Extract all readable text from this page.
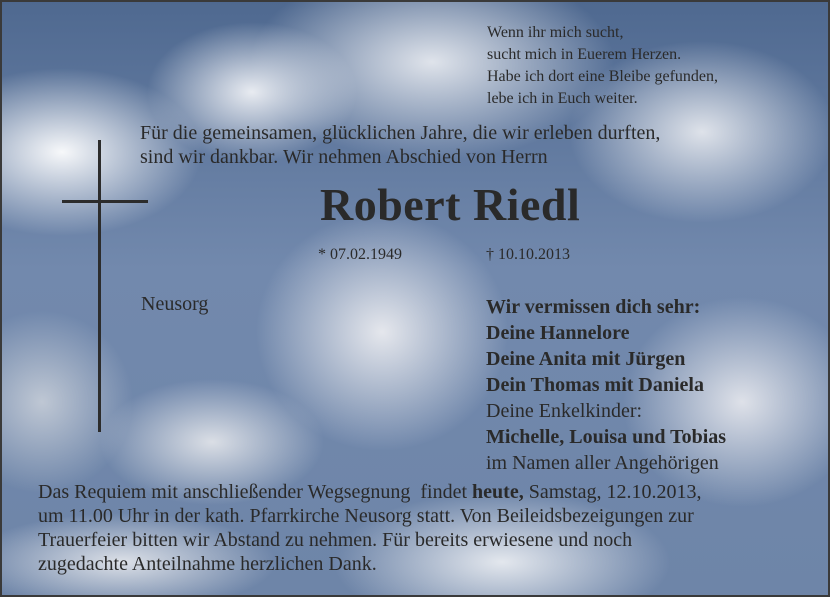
Wenn ihr mich sucht,
sucht mich in Euerem Herzen.
Habe ich dort eine Bleibe gefunden,
lebe ich in Euch weiter.
Für die gemeinsamen, glücklichen Jahre, die wir erleben durften,
sind wir dankbar. Wir nehmen Abschied von Herrn
Robert Riedl
* 07.02.1949	† 10.10.2013
Neusorg	Wir vermissen dich sehr:
Deine Hannelore
Deine Anita mit Jürgen
Dein Thomas mit Daniela
Deine Enkelkinder:
Michelle, Louisa und Tobias
im Namen aller Angehörigen
Das Requiem mit anschließender Wegsegnung  findet heute, Samstag, 12.10.2013,
um 11.00 Uhr in der kath. Pfarrkirche Neusorg statt. Von Beileidsbezeigungen zur
Trauerfeier bitten wir Abstand zu nehmen. Für bereits erwiesene und noch
zugedachte Anteilnahme herzlichen Dank.
